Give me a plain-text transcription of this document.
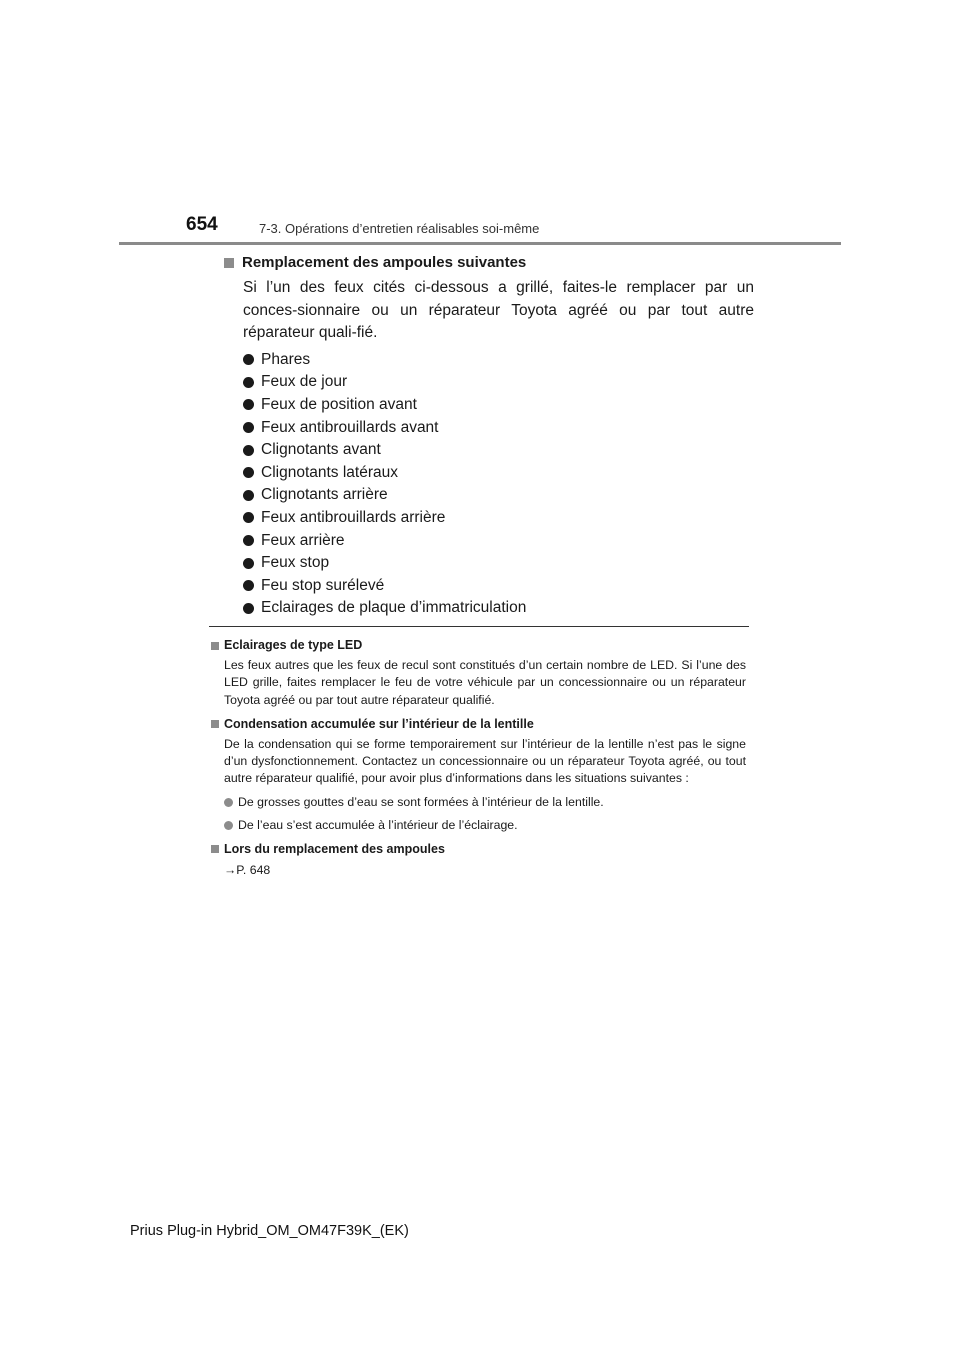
654	7-3. Opérations d’entretien réalisables soi-même
Remplacement des ampoules suivantes

Si l’un des feux cités ci-dessous a grillé, faites-le remplacer par un conces-sionnaire ou un réparateur Toyota agréé ou par tout autre réparateur quali-fié.

Phares
Feux de jour
Feux de position avant
Feux antibrouillards avant
Clignotants avant
Clignotants latéraux
Clignotants arrière
Feux antibrouillards arrière
Feux arrière
Feux stop
Feu stop surélevé
Eclairages de plaque d’immatriculation
Eclairages de type LED
Les feux autres que les feux de recul sont constitués d’un certain nombre de LED. Si l’une des LED grille, faites remplacer le feu de votre véhicule par un concessionnaire ou un réparateur Toyota agréé ou par tout autre réparateur qualifié.
Condensation accumulée sur l’intérieur de la lentille
De la condensation qui se forme temporairement sur l’intérieur de la lentille n’est pas le signe d’un dysfonctionnement. Contactez un concessionnaire ou un réparateur Toyota agréé, ou tout autre réparateur qualifié, pour avoir plus d’informations dans les situations suivantes :
De grosses gouttes d’eau se sont formées à l’intérieur de la lentille.
De l’eau s’est accumulée à l’intérieur de l’éclairage.
Lors du remplacement des ampoules
→P. 648
Prius Plug-in Hybrid_OM_OM47F39K_(EK)
